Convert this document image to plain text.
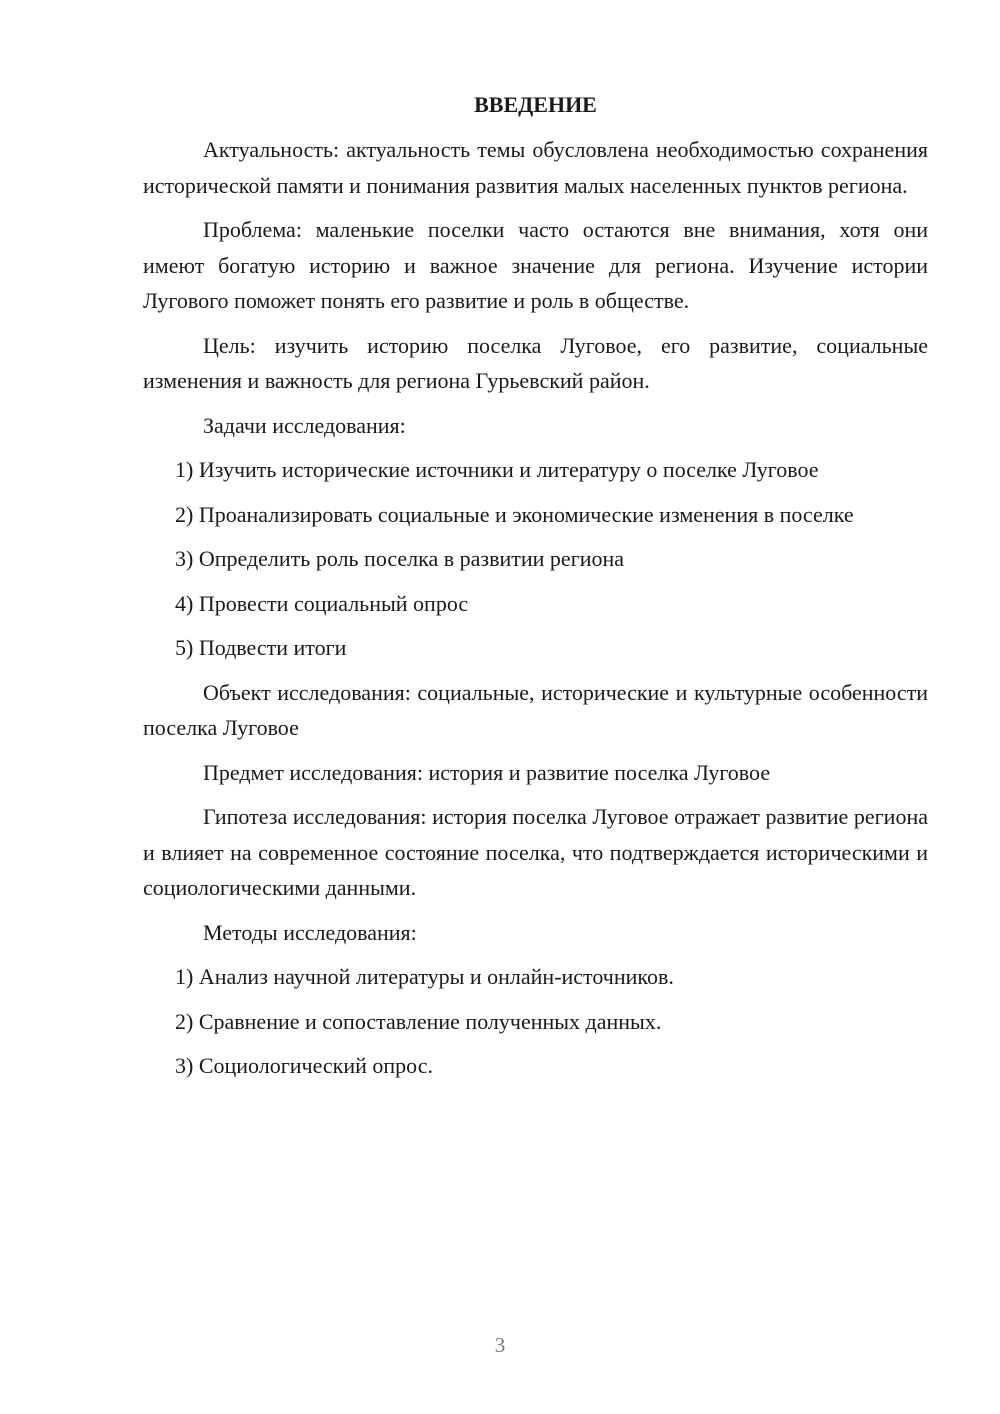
ВВЕДЕНИЕ

Актуальность: актуальность темы обусловлена необходимостью сохранения исторической памяти и понимания развития малых населенных пунктов региона.

Проблема: маленькие поселки часто остаются вне внимания, хотя они имеют богатую историю и важное значение для региона. Изучение истории Лугового поможет понять его развитие и роль в обществе.

Цель: изучить историю поселка Луговое, его развитие, социальные изменения и важность для региона Гурьевский район.

Задачи исследования:

1) Изучить исторические источники и литературу о поселке Луговое

2) Проанализировать социальные и экономические изменения в поселке

3) Определить роль поселка в развитии региона

4) Провести социальный опрос

5) Подвести итоги

Объект исследования: социальные, исторические и культурные особенности поселка Луговое

Предмет исследования: история и развитие поселка Луговое

Гипотеза исследования: история поселка Луговое отражает развитие региона и влияет на современное состояние поселка, что подтверждается историческими и социологическими данными.

Методы исследования:

1) Анализ научной литературы и онлайн-источников.

2) Сравнение и сопоставление полученных данных.

3) Социологический опрос.

3
